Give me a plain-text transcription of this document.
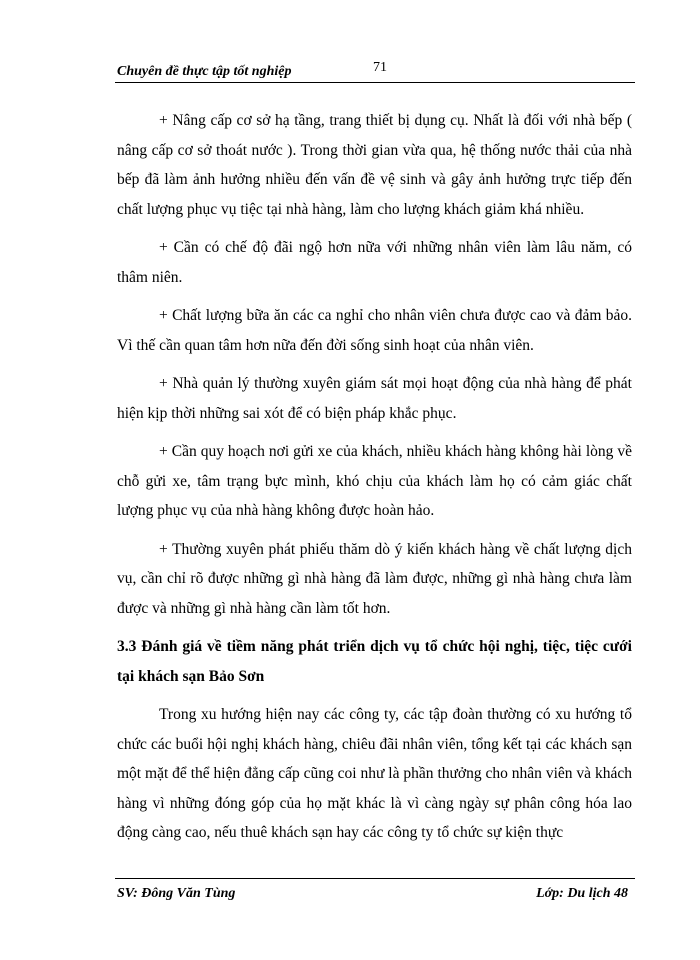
Chuyên đề thực tập tốt nghiệp	71

+ Nâng cấp cơ sở hạ tầng, trang thiết bị dụng cụ. Nhất là đối với nhà bếp ( nâng cấp cơ sở thoát nước ). Trong thời gian vừa qua, hệ thống nước thải của nhà bếp đã làm ảnh hưởng nhiều đến vấn đề vệ sinh và gây ảnh hưởng trực tiếp đến chất lượng phục vụ tiệc tại nhà hàng, làm cho lượng khách giảm khá nhiều.

+ Cần có chế độ đãi ngộ hơn nữa với những nhân viên làm lâu năm, có thâm niên.

+ Chất lượng bữa ăn các ca nghỉ cho nhân viên chưa được cao và đảm bảo. Vì thế cần quan tâm hơn nữa đến đời sống sinh hoạt của nhân viên.

+ Nhà quản lý thường xuyên giám sát mọi hoạt động của nhà hàng để phát hiện kịp thời những sai xót để có biện pháp khắc phục.

+ Cần quy hoạch nơi gửi xe của khách, nhiều khách hàng không hài lòng về chỗ gửi xe, tâm trạng bực mình, khó chịu của khách làm họ có cảm giác chất lượng phục vụ của nhà hàng không được hoàn hảo.

+ Thường xuyên phát phiếu thăm dò ý kiến khách hàng về chất lượng dịch vụ, cần chỉ rõ được những gì nhà hàng đã làm được, những gì nhà hàng chưa làm được và những gì nhà hàng cần làm tốt hơn.

3.3 Đánh giá về tiềm năng phát triển dịch vụ tổ chức hội nghị, tiệc, tiệc cưới tại khách sạn Bảo Sơn

Trong xu hướng hiện nay các công ty, các tập đoàn thường có xu hướng tổ chức các buổi hội nghị khách hàng, chiêu đãi nhân viên, tổng kết tại các khách sạn một mặt để thể hiện đẳng cấp cũng coi như là phần thưởng cho nhân viên và khách hàng vì những đóng góp của họ mặt khác là vì càng ngày sự phân công hóa lao động càng cao, nếu thuê khách sạn hay các công ty tổ chức sự kiện thực

SV: Đông Văn Tùng	Lớp: Du lịch 48
